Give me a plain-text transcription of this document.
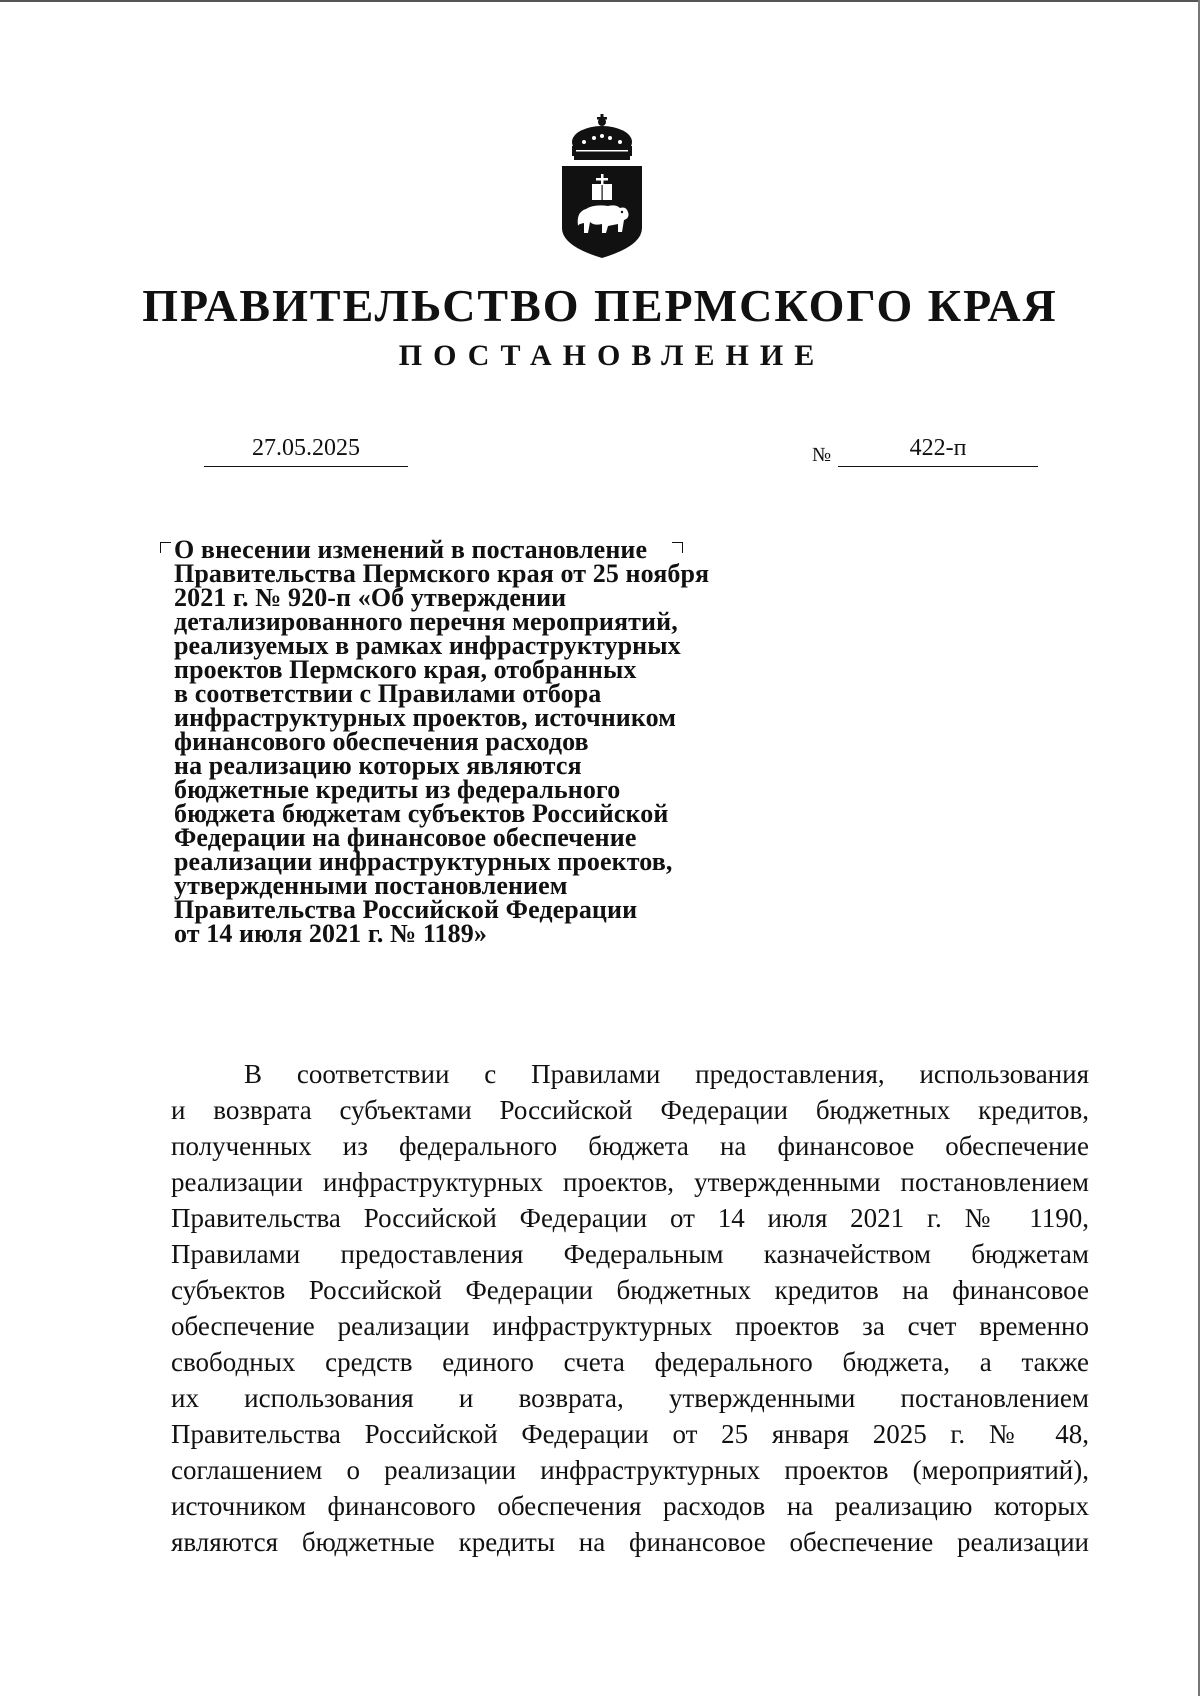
ПРАВИТЕЛЬСТВО ПЕРМСКОГО КРАЯ
ПОСТАНОВЛЕНИЕ
27.05.2025	№	422-п
О внесении изменений в постановление
Правительства Пермского края от 25 ноября
2021 г. № 920-п «Об утверждении
детализированного перечня мероприятий,
реализуемых в рамках инфраструктурных
проектов Пермского края, отобранных
в соответствии с Правилами отбора
инфраструктурных проектов, источником
финансового обеспечения расходов
на реализацию которых являются
бюджетные кредиты из федерального
бюджета бюджетам субъектов Российской
Федерации на финансовое обеспечение
реализации инфраструктурных проектов,
утвержденными постановлением
Правительства Российской Федерации
от 14 июля 2021 г. № 1189»
В соответствии с Правилами предоставления, использования
и возврата субъектами Российской Федерации бюджетных кредитов,
полученных из федерального бюджета на финансовое обеспечение
реализации инфраструктурных проектов, утвержденными постановлением
Правительства Российской Федерации от 14 июля 2021 г. № 1190,
Правилами предоставления Федеральным казначейством бюджетам
субъектов Российской Федерации бюджетных кредитов на финансовое
обеспечение реализации инфраструктурных проектов за счет временно
свободных средств единого счета федерального бюджета, а также
их использования и возврата, утвержденными постановлением
Правительства Российской Федерации от 25 января 2025 г. № 48,
соглашением о реализации инфраструктурных проектов (мероприятий),
источником финансового обеспечения расходов на реализацию которых
являются бюджетные кредиты на финансовое обеспечение реализации
